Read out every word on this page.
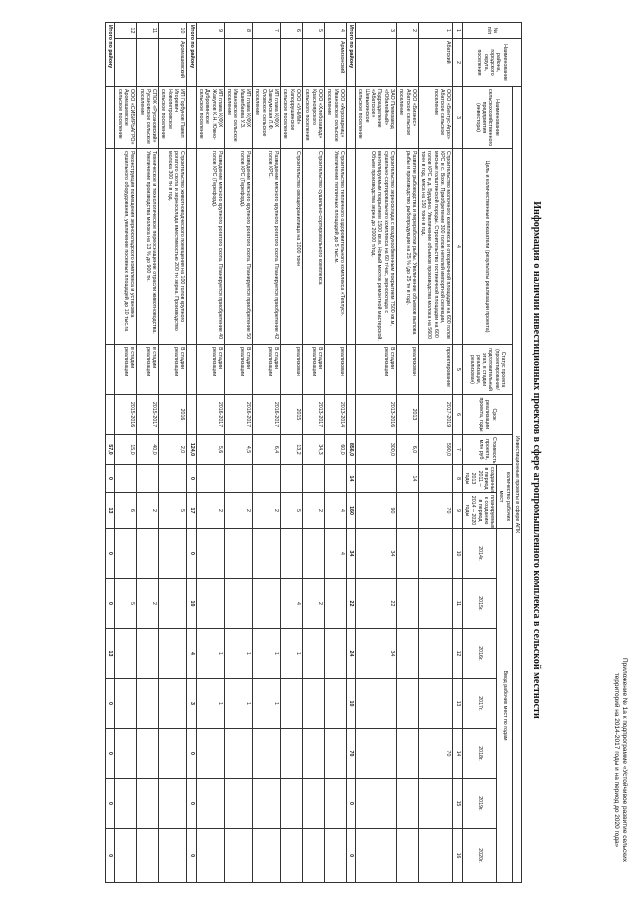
Приложение № 1a к подпрограмме «Устойчивое развитие сельских территорий на 2014-2017 годы и на период до 2020 года»
Информация о наличии инвестиционных проектов в сфере агропромышленного комплекса в сельской местности
№ п/п	Наименование района, городского округа, поселения	Инвестиционные проекты в сфере АПК													
		Наименование сельскохозяйственного предприятия (инвестора)	Цель и количественные показатели (результаты реализации проекта)	Статус проекта (проектирование/ подготовительный этап, в стадии реализации, реализован)	Срок реализации проекта, годы	Стоимость проекта, млн руб	количество рабочих мест		Ввод рабочих мест по годам						
							созданных в период 2011 – 2013 годы	планируемых к созданию в период 2014 – 2020 годы	2014г.	2015г.	2016г.	2017г.	2018г.	2019г.	2020г.
1	2	3	4	5	6	7	8	9	10	11	12	13	14	15	16
1	Абатский	ООО «Бентус-Агро» Абатское сельское поселение	Строительство молочного комплекса и откормочной площадки на 600 голов КРС в с. Вохе. Приобретение 300 голов нетелей импортной селекции, мясные голштинской породы. Строительство гостиничной площадки на 600 голов КРС в д. Бурдино. Увеличение объемов производства молока на 5600 тонн в год, мяса на 150 тонн в год.	проектирование	2017-2019	590,0		70					70		
2		ООО «Бизнес» Абатское сельское поселение	Развитие рыбоводства и переработки рыбы. Увеличение объемов вылова рыбы и производство рыбопродукции на 25 % (до 25 тн в год).	реализован	2013	6,0	14								
3		ЗАО Племзавод «Юбилейный» Подразделение «Абатское» Шевыкинское сельское поселение	Строительство зерносклада с воздухообменным покрытием 7500 кв.м, сушильно-сортировального комплекса на 60 т/час, зерносклада с вентилируемым покрытием 1500 кв.м. Новый мехток ремонтной мастерской. Объем производства зерна до 20000 т/год.	В стадии реализации	2013-2016	300,0		90	34	22	34				
Итого по району						856,0	14	160	34	22	24	10	70	0	0
4	Армизонский	ООО «Агрозарниц» Ивановское сельское поселение	Строительство тепличного оздоровительного комплекса «Теплус». Увеличение тепличных площадей до 5 тыс.м.	реализован	2013-2014	60,0		4	4						
5		ООО «Хлебозавод» Красноярского сельского поселения	Строительство сушильно-сортировального комплекса	В стадии реализации	2013-2017	34,3		2		2					
6		ООО «УНИМ» Капоррушинское сельское поселение	Строительство овощехранилища на 1000 тонн	реализован	2015	13,2		5		4	1				
7		ИП глава К(Ф)Х Замкумская Л.Ф. Оловское сельское поселение	Разведение мясного крупного рогатого скота. Планируется приобретение 42 голов КРС.	В стадии реализации	2016-2017	6,4		2			1	1			
8		ИП глава К(Ф)Х Ишимбаева У.З. Ивановское сельское поселение	Разведение мясного крупного рогатого скота. Планируется приобретение 50 голов КРС (Герефорд).	В стадии реализации	2016-2017	4,5		2			1	1			
9		ИП глава К(Ф)Х Жакупов К.Н. Южно-Дубровинское сельское поселение	Разведение мясного крупного рогатого скота. Планируется приобретение 40 голов КРС (Герефорд).	В стадии реализации	2016-2017	5,6		2			1	1			
Итого по району						124,0	0	17	0	10	4	3	0	0	0
10	Аромашевский	ИП Горбунов Павел Игоревич Новопетровское сельское поселение	Строительство животноводческого помещения на 100 голов крупного рогатого скота и зерносклада вместимостью 200 тн зерна. Производство молока 300 тн в год.	В стадии реализации	2016	2,0		5							
11		СПОК «Русановский» Русановское сельское поселение	Техническое и технологическое переоснащение отрасли животноводства. Увеличение производства молока на 13 % до 900 тн.	в стадии реализации	2015-2017	40,0		2		2					
12		ООО «СИБИРЬАГРО» Аромашевское сельское поселение	Реконструкция помещения зерноскладского комплекса и установка сушильного оборудования, увеличение посевных площадей до 10 тыс.га	в стадии реализации	2015-2016	15,0		6		5					
Итого по району						57,0	0	13	0	0	13	0	0	0	0
